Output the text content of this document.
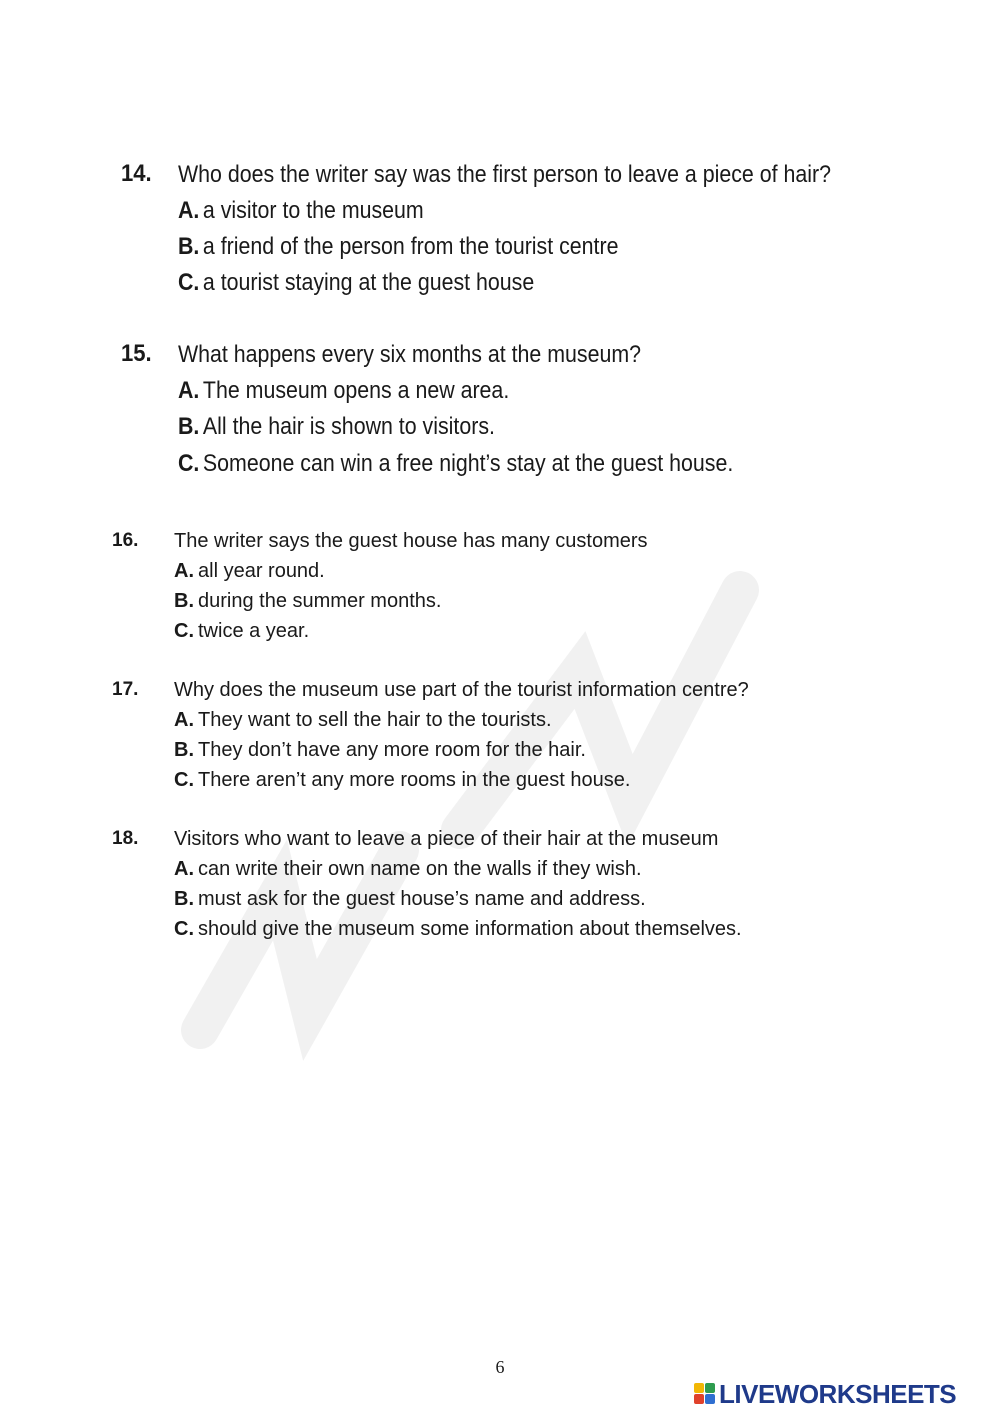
14. Who does the writer say was the first person to leave a piece of hair?
A. a visitor to the museum
B. a friend of the person from the tourist centre
C. a tourist staying at the guest house
15. What happens every six months at the museum?
A. The museum opens a new area.
B. All the hair is shown to visitors.
C. Someone can win a free night’s stay at the guest house.
16. The writer says the guest house has many customers
A. all year round.
B. during the summer months.
C. twice a year.
17. Why does the museum use part of the tourist information centre?
A. They want to sell the hair to the tourists.
B. They don’t have any more room for the hair.
C. There aren’t any more rooms in the guest house.
18. Visitors who want to leave a piece of their hair at the museum
A. can write their own name on the walls if they wish.
B. must ask for the guest house’s name and address.
C. should give the museum some information about themselves.
6
LIVEWORKSHEETS
